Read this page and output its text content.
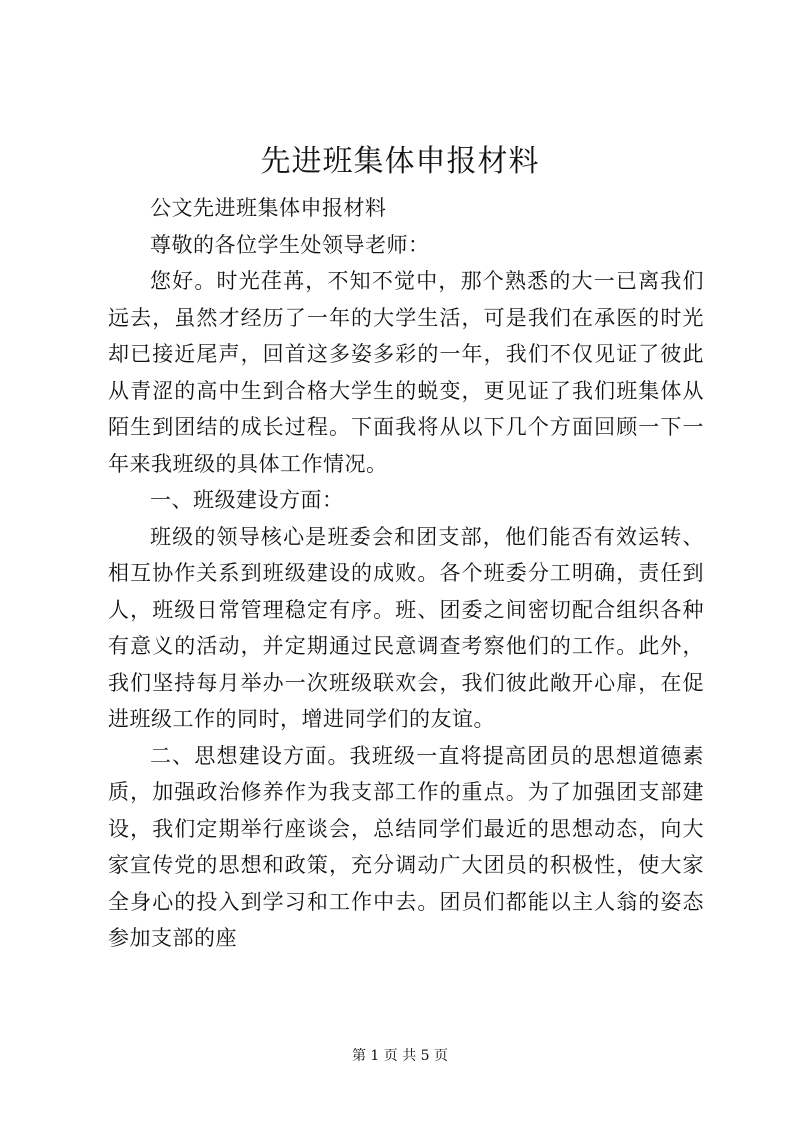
先进班集体申报材料

公文先进班集体申报材料

尊敬的各位学生处领导老师：

您好。时光荏苒，不知不觉中，那个熟悉的大一已离我们远去，虽然才经历了一年的大学生活，可是我们在承医的时光却已接近尾声，回首这多姿多彩的一年，我们不仅见证了彼此从青涩的高中生到合格大学生的蜕变，更见证了我们班集体从陌生到团结的成长过程。下面我将从以下几个方面回顾一下一年来我班级的具体工作情况。

一、班级建设方面：

班级的领导核心是班委会和团支部，他们能否有效运转、相互协作关系到班级建设的成败。各个班委分工明确，责任到人，班级日常管理稳定有序。班、团委之间密切配合组织各种有意义的活动，并定期通过民意调查考察他们的工作。此外，我们坚持每月举办一次班级联欢会，我们彼此敞开心扉，在促进班级工作的同时，增进同学们的友谊。

二、思想建设方面。我班级一直将提高团员的思想道德素质，加强政治修养作为我支部工作的重点。为了加强团支部建设，我们定期举行座谈会，总结同学们最近的思想动态，向大家宣传党的思想和政策，充分调动广大团员的积极性，使大家全身心的投入到学习和工作中去。团员们都能以主人翁的姿态参加支部的座

第 1 页 共 5 页
